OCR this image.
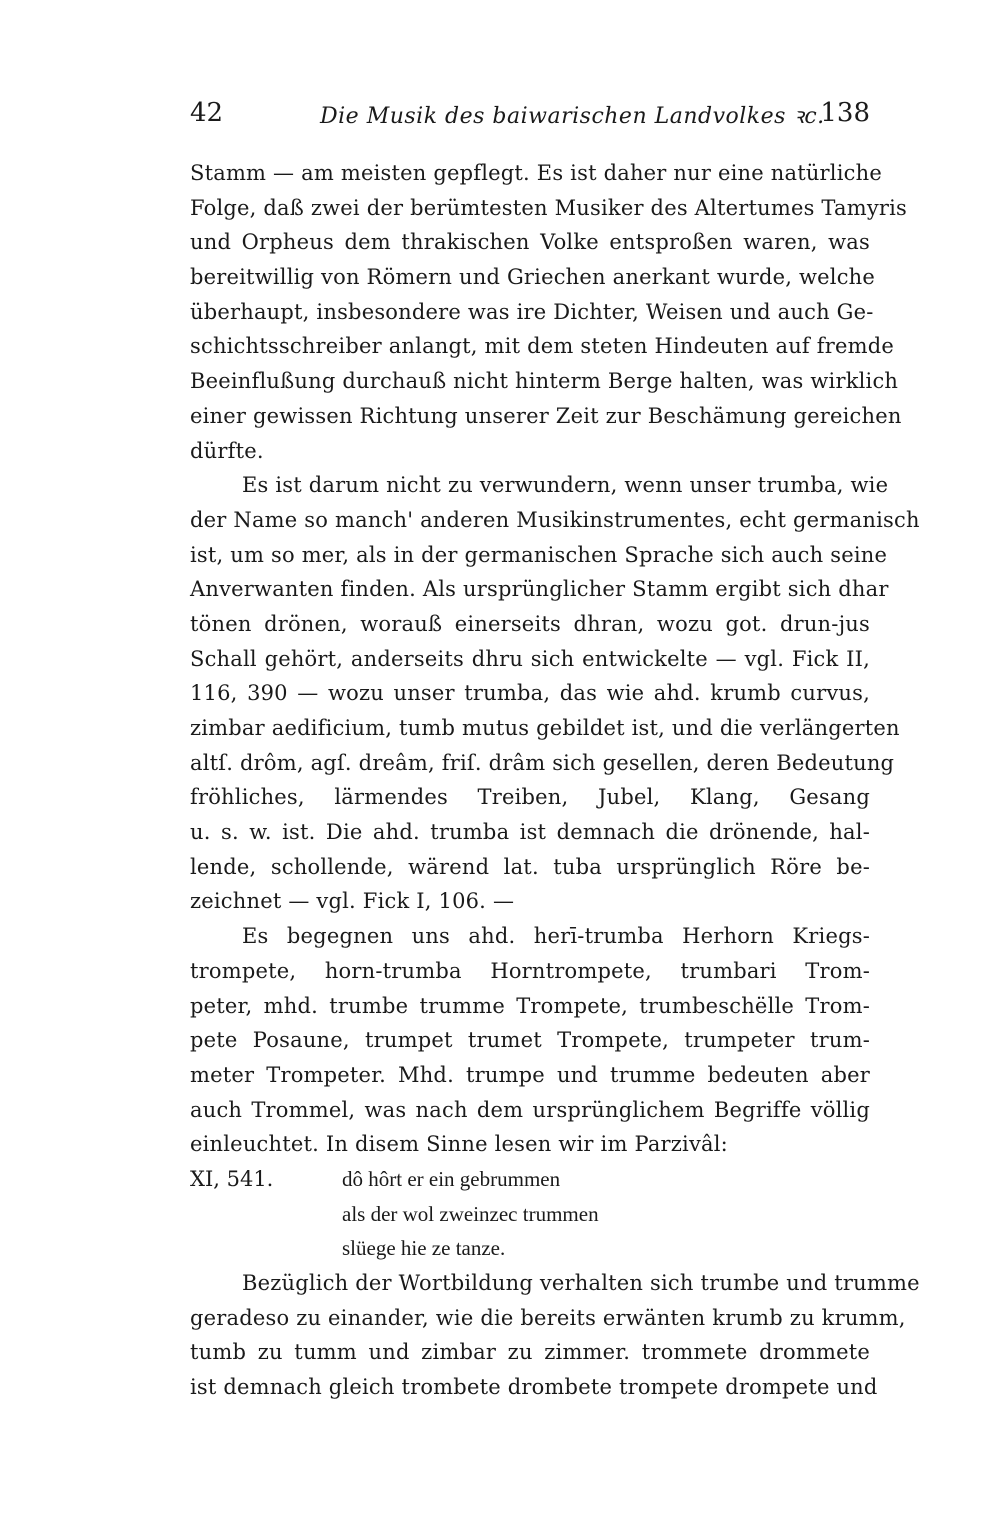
42	Die Musik des baiwarischen Landvolkes ꝛc.
138
Stamm — am meisten gepflegt. Es ist daher nur eine natürliche
Folge, daß zwei der berümtesten Musiker des Altertumes Tamyris
und Orpheus dem thrakischen Volke entsproßen waren, was
bereitwillig von Römern und Griechen anerkant wurde, welche
überhaupt, insbesondere was ire Dichter, Weisen und auch Ge-
schichtsschreiber anlangt, mit dem steten Hindeuten auf fremde
Beeinflußung durchauß nicht hinterm Berge halten, was wirklich
einer gewissen Richtung unserer Zeit zur Beschämung gereichen
dürfte.
Es ist darum nicht zu verwundern, wenn unser trumba, wie
der Name so manch' anderen Musikinstrumentes, echt germanisch
ist, um so mer, als in der germanischen Sprache sich auch seine
Anverwanten finden. Als ursprünglicher Stamm ergibt sich dhar
tönen drönen, worauß einerseits dhran, wozu got. drun-jus
Schall gehört, anderseits dhru sich entwickelte — vgl. Fick II,
116, 390 — wozu unser trumba, das wie ahd. krumb curvus,
zimbar aedificium, tumb mutus gebildet ist, und die verlängerten
altſ. drôm, agſ. dreâm, friſ. drâm sich gesellen, deren Bedeutung
fröhliches, lärmendes Treiben, Jubel, Klang, Gesang
u. s. w. ist. Die ahd. trumba ist demnach die drönende, hal-
lende, schollende, wärend lat. tuba ursprünglich Röre be-
zeichnet — vgl. Fick I, 106. —
Es begegnen uns ahd. herī-trumba Herhorn Kriegs-
trompete, horn-trumba Horntrompete, trumbari Trom-
peter, mhd. trumbe trumme Trompete, trumbeschëlle Trom-
pete Posaune, trumpet trumet Trompete, trumpeter trum-
meter Trompeter. Mhd. trumpe und trumme bedeuten aber
auch Trommel, was nach dem ursprünglichem Begriffe völlig
einleuchtet. In disem Sinne lesen wir im Parzivâl:
XI, 541.	dô hôrt er ein gebrummen
als der wol zweinzec trummen
slüege hie ze tanze.
Bezüglich der Wortbildung verhalten sich trumbe und trumme
geradeso zu einander, wie die bereits erwänten krumb zu krumm,
tumb zu tumm und zimbar zu zimmer. trommete drommete
ist demnach gleich trombete drombete trompete drompete und
